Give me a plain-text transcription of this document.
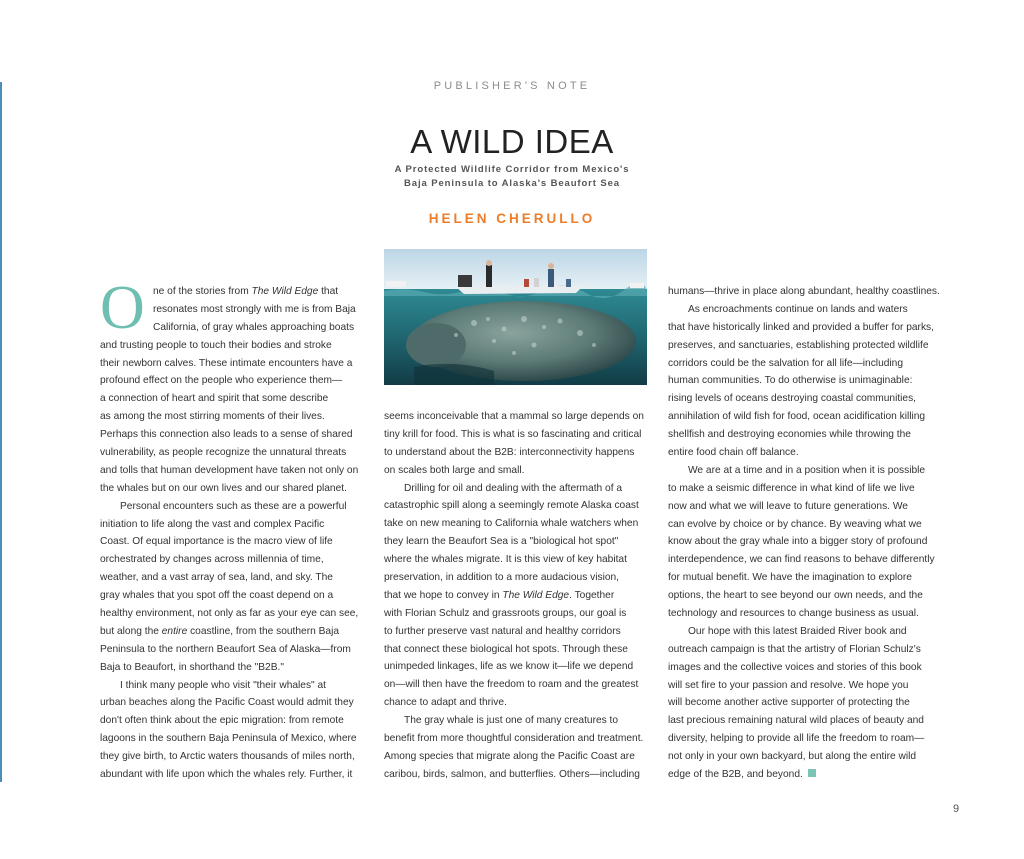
PUBLISHER'S NOTE
A WILD IDEA
A Protected Wildlife Corridor from Mexico's
Baja Peninsula to Alaska's Beaufort Sea
HELEN CHERULLO
O ne of the stories from The Wild Edge that
resonates most strongly with me is from Baja
California, of gray whales approaching boats
and trusting people to touch their bodies and stroke
their newborn calves. These intimate encounters have a
profound effect on the people who experience them—
a connection of heart and spirit that some describe
as among the most stirring moments of their lives.
Perhaps this connection also leads to a sense of shared
vulnerability, as people recognize the unnatural threats
and tolls that human development have taken not only on
the whales but on our own lives and our shared planet.
Personal encounters such as these are a powerful
initiation to life along the vast and complex Pacific
Coast. Of equal importance is the macro view of life
orchestrated by changes across millennia of time,
weather, and a vast array of sea, land, and sky. The
gray whales that you spot off the coast depend on a
healthy environment, not only as far as your eye can see,
but along the entire coastline, from the southern Baja
Peninsula to the northern Beaufort Sea of Alaska—from
Baja to Beaufort, in shorthand the "B2B."
I think many people who visit "their whales" at
urban beaches along the Pacific Coast would admit they
don't often think about the epic migration: from remote
lagoons in the southern Baja Peninsula of Mexico, where
they give birth, to Arctic waters thousands of miles north,
abundant with life upon which the whales rely. Further, it
seems inconceivable that a mammal so large depends on
tiny krill for food. This is what is so fascinating and critical
to understand about the B2B: interconnectivity happens
on scales both large and small.
Drilling for oil and dealing with the aftermath of a
catastrophic spill along a seemingly remote Alaska coast
take on new meaning to California whale watchers when
they learn the Beaufort Sea is a "biological hot spot"
where the whales migrate. It is this view of key habitat
preservation, in addition to a more audacious vision,
that we hope to convey in The Wild Edge. Together
with Florian Schulz and grassroots groups, our goal is
to further preserve vast natural and healthy corridors
that connect these biological hot spots. Through these
unimpeded linkages, life as we know it—life we depend
on—will then have the freedom to roam and the greatest
chance to adapt and thrive.
The gray whale is just one of many creatures to
benefit from more thoughtful consideration and treatment.
Among species that migrate along the Pacific Coast are
caribou, birds, salmon, and butterflies. Others—including
humans—thrive in place along abundant, healthy coastlines.
As encroachments continue on lands and waters
that have historically linked and provided a buffer for parks,
preserves, and sanctuaries, establishing protected wildlife
corridors could be the salvation for all life—including
human communities. To do otherwise is unimaginable:
rising levels of oceans destroying coastal communities,
annihilation of wild fish for food, ocean acidification killing
shellfish and destroying economies while throwing the
entire food chain off balance.
We are at a time and in a position when it is possible
to make a seismic difference in what kind of life we live
now and what we will leave to future generations. We
can evolve by choice or by chance. By weaving what we
know about the gray whale into a bigger story of profound
interdependence, we can find reasons to behave differently
for mutual benefit. We have the imagination to explore
options, the heart to see beyond our own needs, and the
technology and resources to change business as usual.
Our hope with this latest Braided River book and
outreach campaign is that the artistry of Florian Schulz's
images and the collective voices and stories of this book
will set fire to your passion and resolve. We hope you
will become another active supporter of protecting the
last precious remaining natural wild places of beauty and
diversity, helping to provide all life the freedom to roam—
not only in your own backyard, but along the entire wild
edge of the B2B, and beyond.
9
